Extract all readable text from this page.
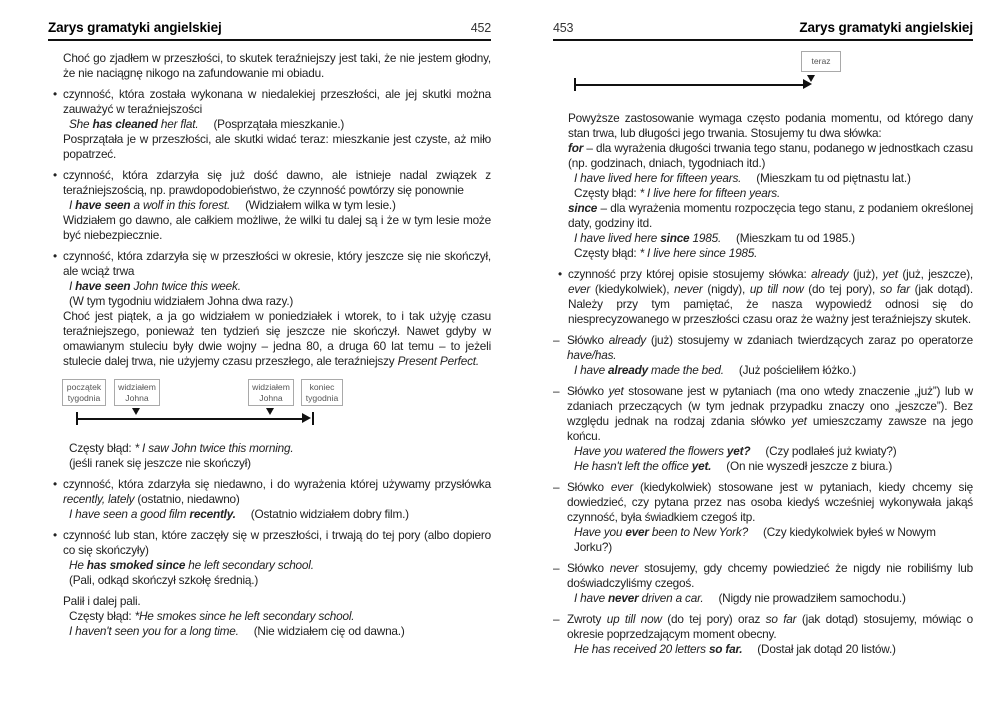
Zarys gramatyki angielskiej	452
Choć go zjadłem w przeszłości, to skutek teraźniejszy jest taki, że nie jestem głodny, że nie naciągnę nikogo na zafundowanie mi obiadu.
• czynność, która została wykonana w niedalekiej przeszłości, ale jej skutki można zauważyć w teraźniejszości
She has cleaned her flat. (Posprzątała mieszkanie.)
Posprzątała je w przeszłości, ale skutki widać teraz: mieszkanie jest czyste, aż miło popatrzeć.
• czynność, która zdarzyła się już dość dawno, ale istnieje nadal związek z teraźniejszością, np. prawdopodobieństwo, że czynność powtórzy się ponownie
I have seen a wolf in this forest. (Widziałem wilka w tym lesie.)
Widziałem go dawno, ale całkiem możliwe, że wilki tu dalej są i że w tym lesie może być niebezpiecznie.
• czynność, która zdarzyła się w przeszłości w okresie, który jeszcze się nie skończył, ale wciąż trwa
I have seen John twice this week.
(W tym tygodniu widziałem Johna dwa razy.)
Choć jest piątek, a ja go widziałem w poniedziałek i wtorek, to i tak użyję czasu teraźniejszego, ponieważ ten tydzień się jeszcze nie skończył. Nawet gdyby w omawianym stuleciu były dwie wojny – jedna 80, a druga 60 lat temu – to jeżeli stulecie dalej trwa, nie użyjemy czasu przeszłego, ale teraźniejszy Present Perfect.
początek
tygodnia
widziałem
Johna
widziałem
Johna
koniec
tygodnia
Częsty błąd: * I saw John twice this morning.
(jeśli ranek się jeszcze nie skończył)
• czynność, która zdarzyła się niedawno, i do wyrażenia której używamy przysłówka recently, lately (ostatnio, niedawno)
I have seen a good film recently. (Ostatnio widziałem dobry film.)
• czynność lub stan, które zaczęły się w przeszłości, i trwają do tej pory (albo dopiero co się skończyły)
He has smoked since he left secondary school.
(Pali, odkąd skończył szkołę średnią.)
Palił i dalej pali.
Częsty błąd: *He smokes since he left secondary school.
I haven't seen you for a long time. (Nie widziałem cię od dawna.)
453	Zarys gramatyki angielskiej
teraz
Powyższe zastosowanie wymaga często podania momentu, od którego dany stan trwa, lub długości jego trwania. Stosujemy tu dwa słówka:
for – dla wyrażenia długości trwania tego stanu, podanego w jednostkach czasu (np. godzinach, dniach, tygodniach itd.)
I have lived here for fifteen years. (Mieszkam tu od piętnastu lat.)
Częsty błąd: * I live here for fifteen years.
since – dla wyrażenia momentu rozpoczęcia tego stanu, z podaniem określonej daty, godziny itd.
I have lived here since 1985. (Mieszkam tu od 1985.)
Częsty błąd: * I live here since 1985.
• czynność przy której opisie stosujemy słówka: already (już), yet (już, jeszcze), ever (kiedykolwiek), never (nigdy), up till now (do tej pory), so far (jak dotąd). Należy przy tym pamiętać, że nasza wypowiedź odnosi się do niesprecyzowanego w przeszłości czasu oraz że ważny jest teraźniejszy skutek.
– Słówko already (już) stosujemy w zdaniach twierdzących zaraz po operatorze have/has.
I have already made the bed. (Już pościeliłem łóżko.)
– Słówko yet stosowane jest w pytaniach (ma ono wtedy znaczenie „już”) lub w zdaniach przeczących (w tym jednak przypadku znaczy ono „jeszcze”). Bez względu jednak na rodzaj zdania słówko yet umieszczamy zawsze na jego końcu.
Have you watered the flowers yet? (Czy podlałeś już kwiaty?)
He hasn't left the office yet. (On nie wyszedł jeszcze z biura.)
– Słówko ever (kiedykolwiek) stosowane jest w pytaniach, kiedy chcemy się dowiedzieć, czy pytana przez nas osoba kiedyś wcześniej wykonywała jakąś czynność, była świadkiem czegoś itp.
Have you ever been to New York? (Czy kiedykolwiek byłeś w Nowym Jorku?)
– Słówko never stosujemy, gdy chcemy powiedzieć że nigdy nie robiliśmy lub doświadczyliśmy czegoś.
I have never driven a car. (Nigdy nie prowadziłem samochodu.)
– Zwroty up till now (do tej pory) oraz so far (jak dotąd) stosujemy, mówiąc o okresie poprzedzającym moment obecny.
He has received 20 letters so far. (Dostał jak dotąd 20 listów.)
